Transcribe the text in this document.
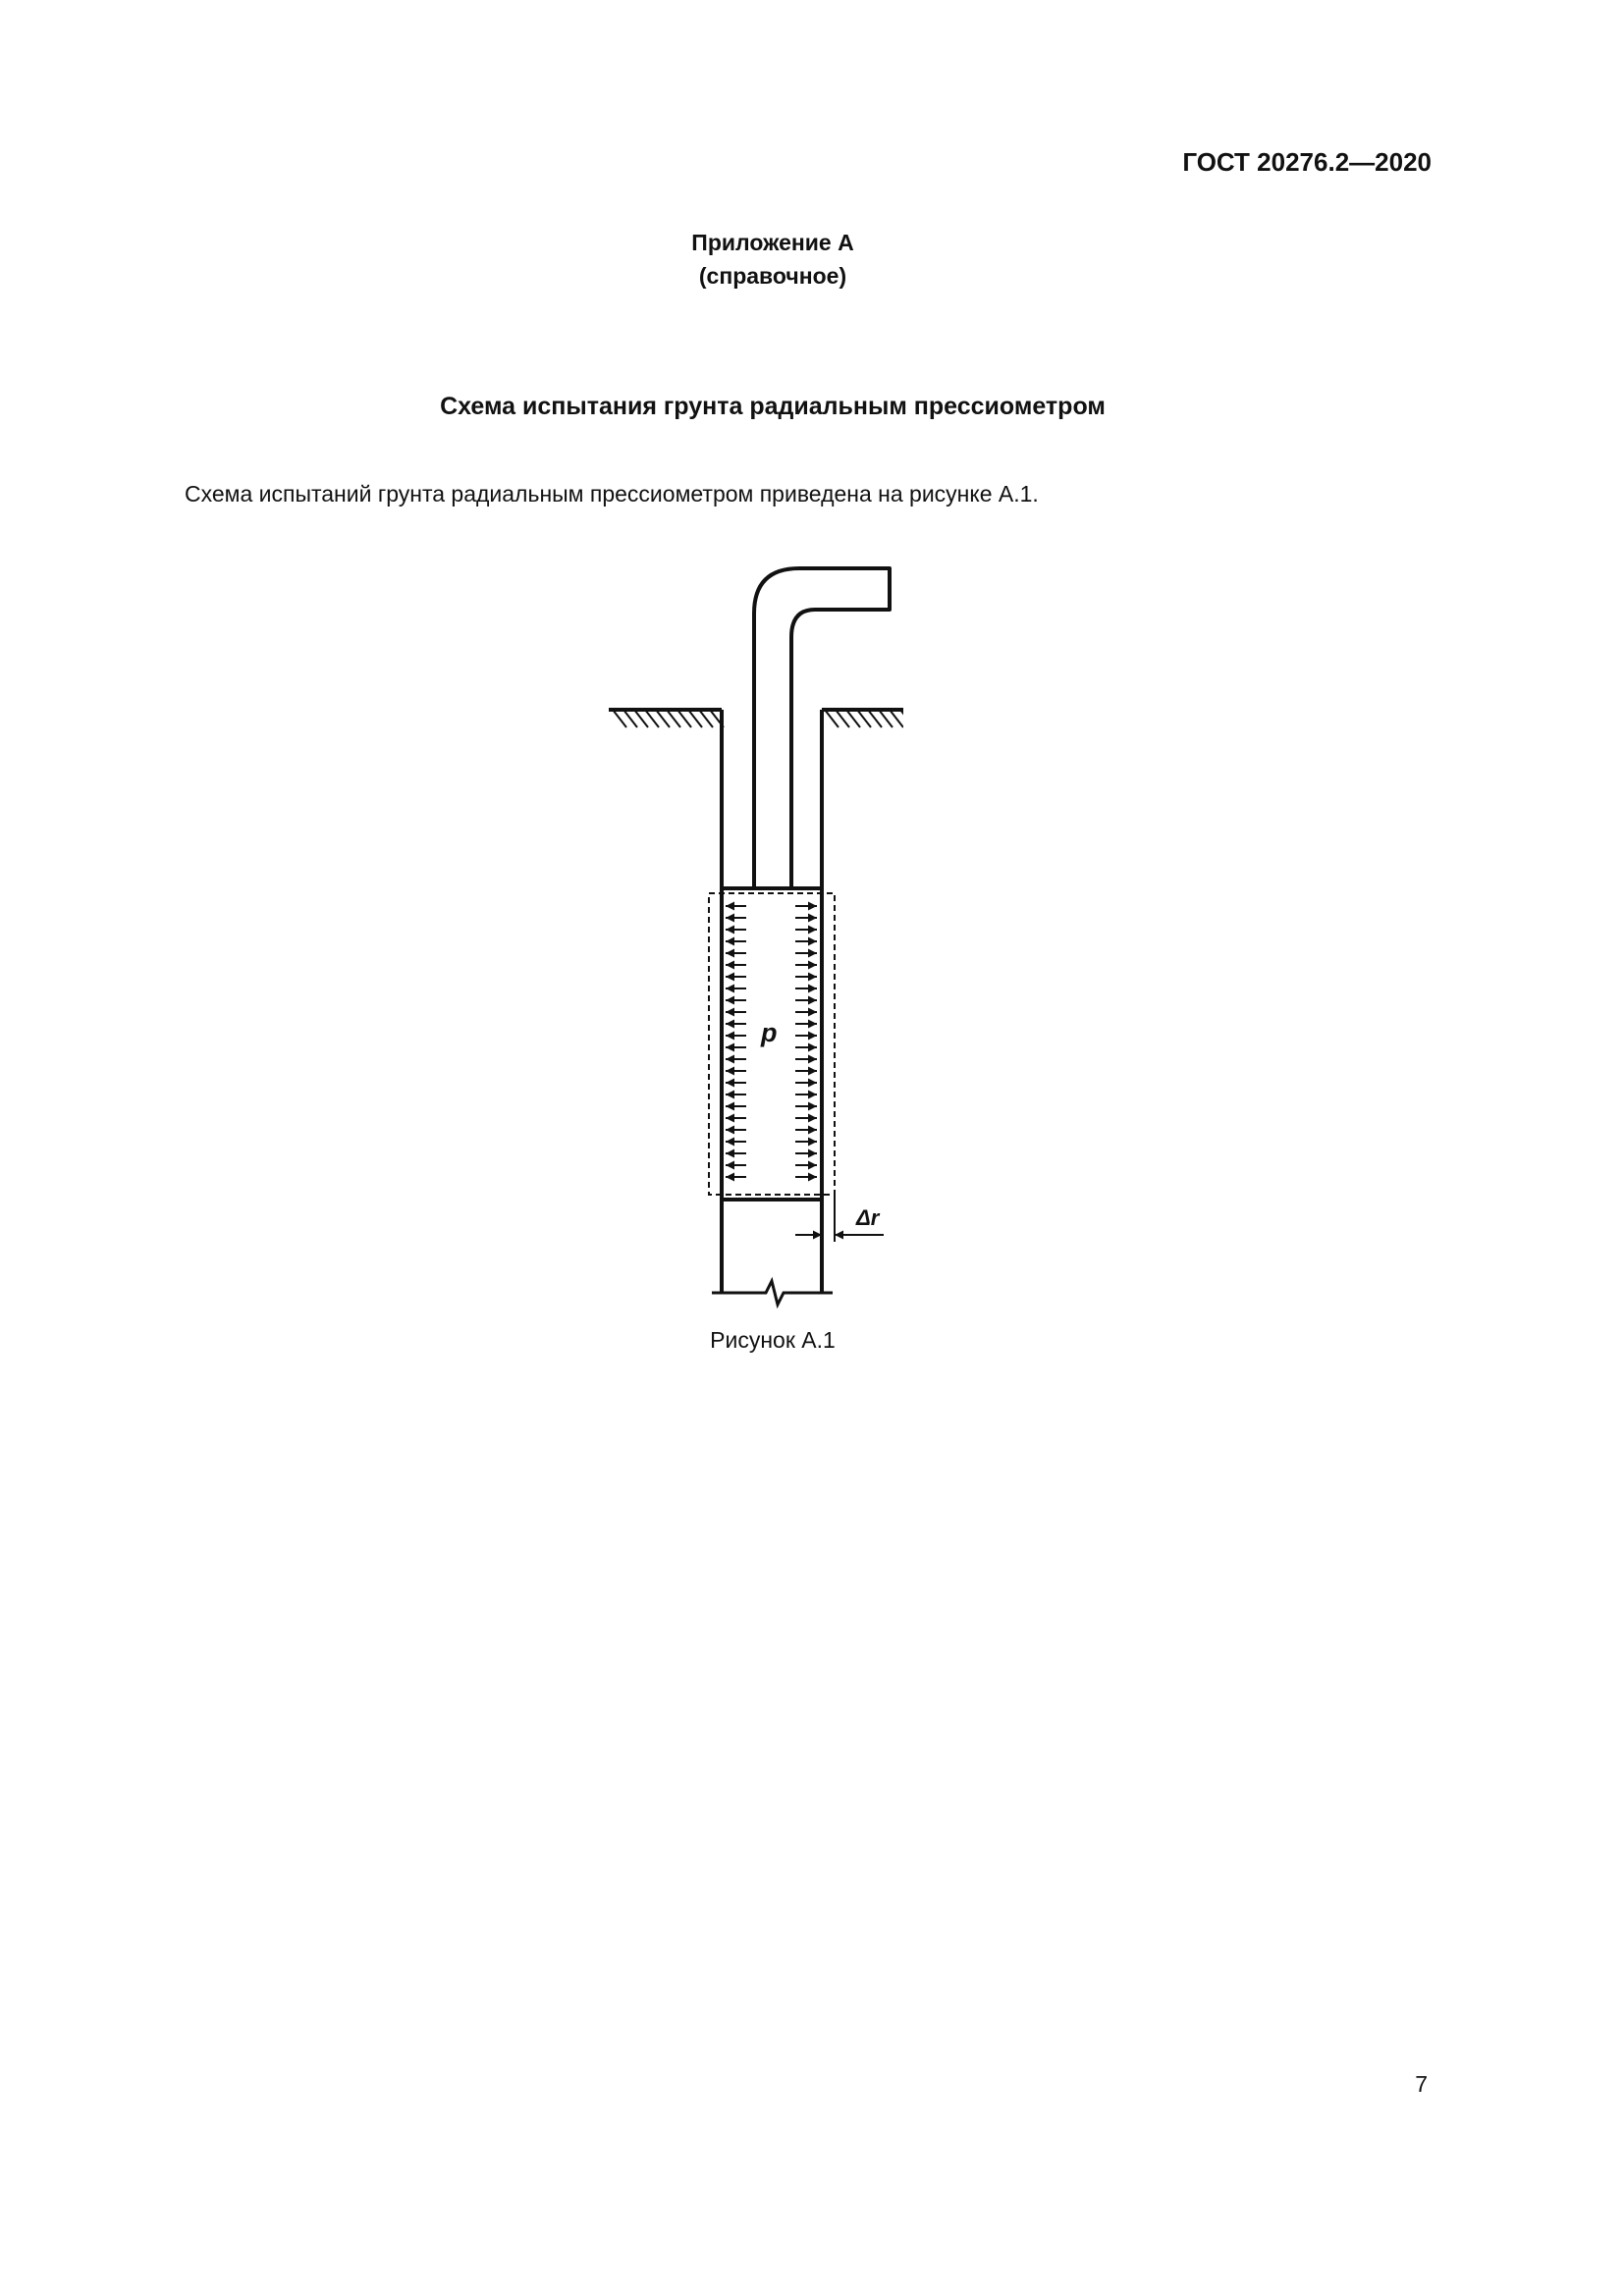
ГОСТ 20276.2—2020
Приложение А
(справочное)
Схема испытания грунта радиальным прессиометром
Схема испытаний грунта радиальным прессиометром приведена на рисунке А.1.
p
Δr
Рисунок А.1
7
